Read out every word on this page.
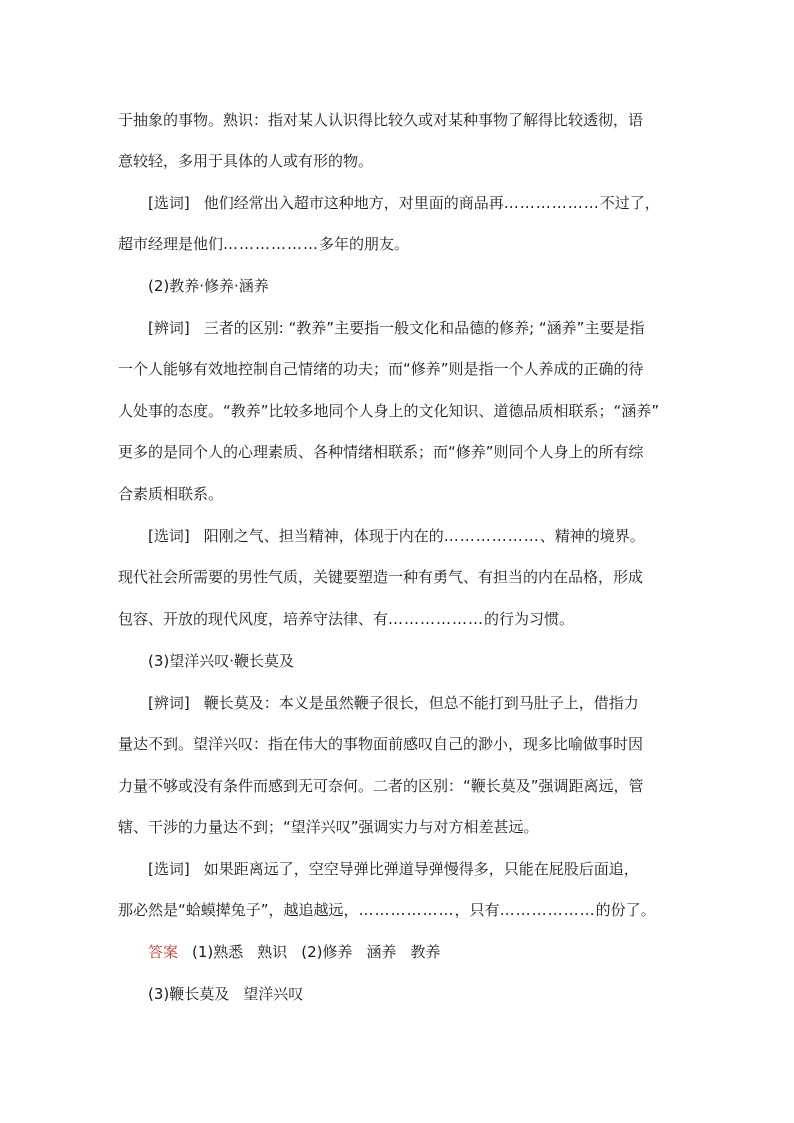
于抽象的事物。熟识：指对某人认识得比较久或对某种事物了解得比较透彻，语

意较轻，多用于具体的人或有形的物。

[选词] 他们经常出入超市这种地方，对里面的商品再………………不过了，

超市经理是他们………………多年的朋友。

(2)教养·修养·涵养

[辨词] 三者的区别: “教养”主要指一般文化和品德的修养; “涵养”主要是指

一个人能够有效地控制自己情绪的功夫；而“修养”则是指一个人养成的正确的待

人处事的态度。“教养”比较多地同个人身上的文化知识、道德品质相联系；“涵养”

更多的是同个人的心理素质、各种情绪相联系；而“修养”则同个人身上的所有综

合素质相联系。

[选词] 阳刚之气、担当精神，体现于内在的………………、精神的境界。

现代社会所需要的男性气质，关键要塑造一种有勇气、有担当的内在品格，形成

包容、开放的现代风度，培养守法律、有………………的行为习惯。

(3)望洋兴叹·鞭长莫及

[辨词] 鞭长莫及：本义是虽然鞭子很长，但总不能打到马肚子上，借指力

量达不到。望洋兴叹：指在伟大的事物面前感叹自己的渺小，现多比喻做事时因

力量不够或没有条件而感到无可奈何。二者的区别：“鞭长莫及”强调距离远，管

辖、干涉的力量达不到；“望洋兴叹”强调实力与对方相差甚远。

[选词] 如果距离远了，空空导弹比弹道导弹慢得多，只能在屁股后面追，

那必然是“蛤蟆撵兔子”，越追越远，………………，只有………………的份了。

答案 (1)熟悉 熟识 (2)修养 涵养 教养

(3)鞭长莫及 望洋兴叹
